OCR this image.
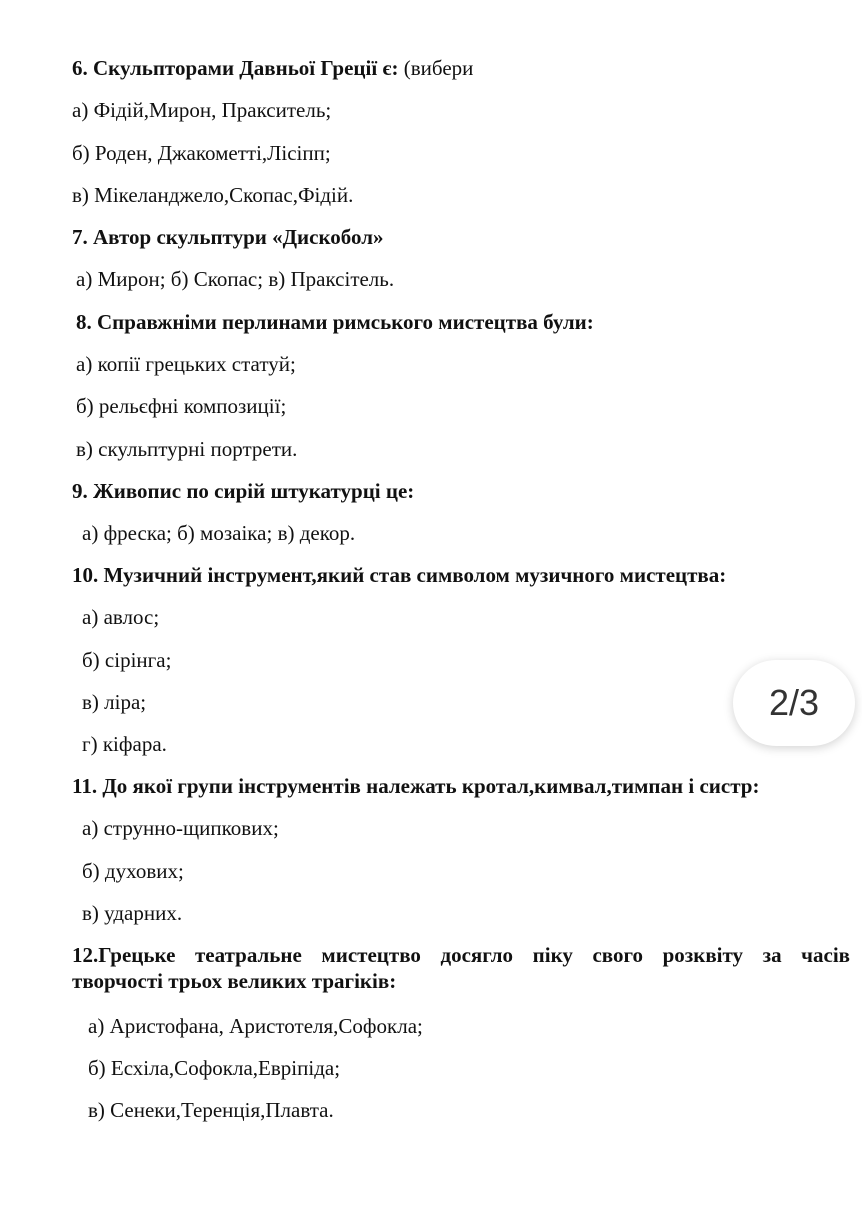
6. Скульпторами Давньої Греції є: (вибери
а) Фідій,Мирон, Пракситель;
б) Роден, Джакометті,Лісіпп;
в) Мікеланджело,Скопас,Фідій.
7. Автор скульптури «Дискобол»
а) Мирон; б) Скопас; в) Праксітель.
8. Справжніми перлинами римського мистецтва були:
а) копії грецьких статуй;
б) рельєфні композиції;
в) скульптурні портрети.
9. Живопис по сирій штукатурці це:
а) фреска; б) мозаіка; в) декор.
10. Музичний інструмент,який став символом музичного мистецтва:
а) авлос;
б) сірінга;
в) ліра;
г) кіфара.
11. До якої групи інструментів належать кротал,кимвал,тимпан і систр:
а) струнно-щипкових;
б) духових;
в) ударних.
12.Грецьке театральне мистецтво досягло піку свого розквіту за часів
творчості трьох великих трагіків:
а) Аристофана, Аристотеля,Софокла;
б) Есхіла,Софокла,Евріпіда;
в) Сенеки,Теренція,Плавта.
2/3
